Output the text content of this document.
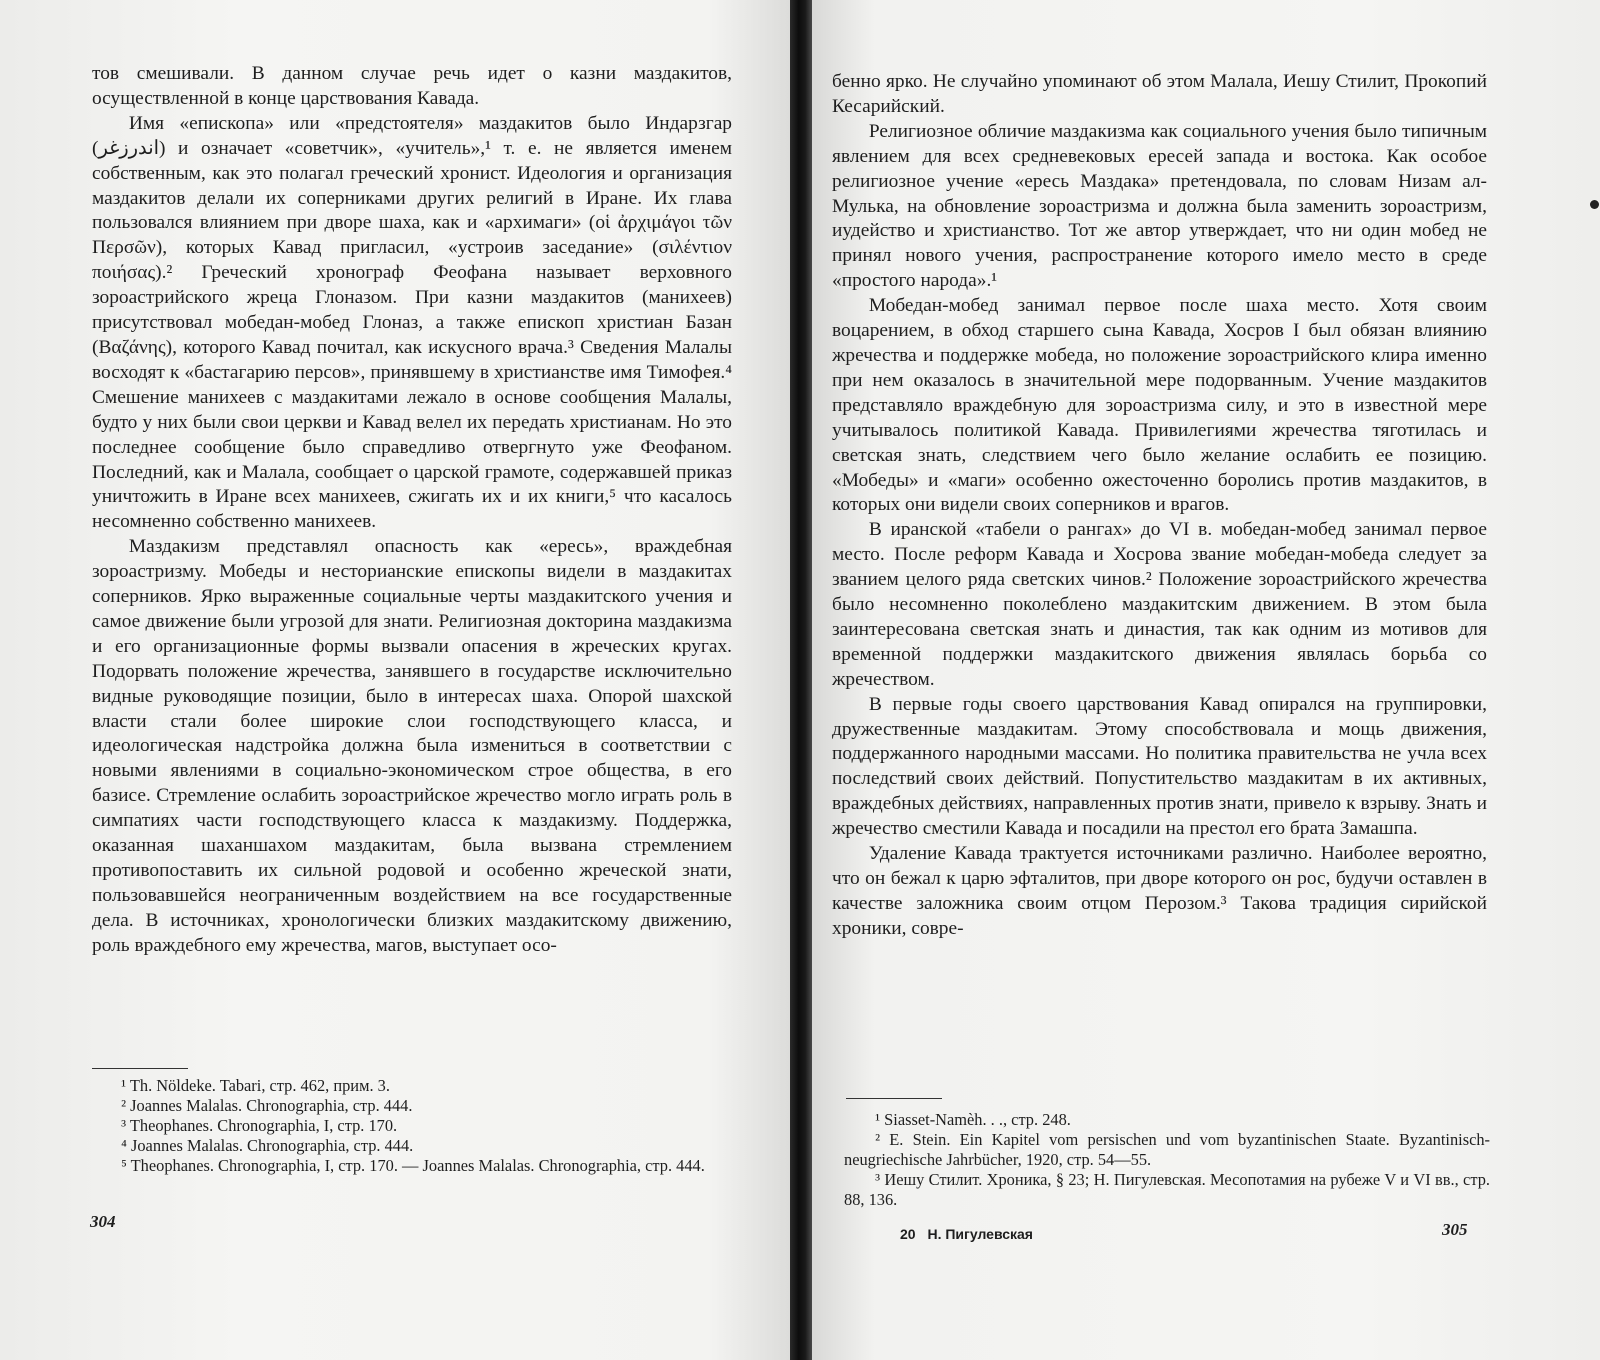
тов смешивали. В данном случае речь идет о казни маздакитов, осуществленной в конце царствования Кавада.

Имя «епископа» или «предстоятеля» маздакитов было Индарзгар (اندرزغر) и означает «советчик», «учитель»,¹ т. е. не является именем собственным, как это полагал греческий хронист. Идеология и организация маздакитов делали их соперниками других религий в Иране. Их глава пользовался влиянием при дворе шаха, как и «архимаги» (οἱ ἀρχιμάγοι τῶν Περσῶν), которых Кавад пригласил, «устроив заседание» (σιλέντιον ποιήσας).² Греческий хронограф Феофана называет верховного зороастрийского жреца Глоназом. При казни маздакитов (манихеев) присутствовал мобедан-мобед Глоназ, а также епископ христиан Базан (Βαζάνης), которого Кавад почитал, как искусного врача.³ Сведения Малалы восходят к «бастагарию персов», принявшему в христианстве имя Тимофея.⁴ Смешение манихеев с маздакитами лежало в основе сообщения Малалы, будто у них были свои церкви и Кавад велел их передать христианам. Но это последнее сообщение было справедливо отвергнуто уже Феофаном. Последний, как и Малала, сообщает о царской грамоте, содержавшей приказ уничтожить в Иране всех манихеев, сжигать их и их книги,⁵ что касалось несомненно собственно манихеев.

Маздакизм представлял опасность как «ересь», враждебная зороастризму. Мобеды и несторианские епископы видели в маздакитах соперников. Ярко выраженные социальные черты маздакитского учения и самое движение были угрозой для знати. Религиозная докторина маздакизма и его организационные формы вызвали опасения в жреческих кругах. Подорвать положение жречества, занявшего в государстве исключительно видные руководящие позиции, было в интересах шаха. Опорой шахской власти стали более широкие слои господствующего класса, и идеологическая надстройка должна была измениться в соответствии с новыми явлениями в социально-экономическом строе общества, в его базисе. Стремление ослабить зороастрийское жречество могло играть роль в симпатиях части господствующего класса к маздакизму. Поддержка, оказанная шаханшахом маздакитам, была вызвана стремлением противопоставить их сильной родовой и особенно жреческой знати, пользовавшейся неограниченным воздействием на все государственные дела. В источниках, хронологически близких маздакитскому движению, роль враждебного ему жречества, магов, выступает осо-

¹ Th. Nöldeke. Tabari, стр. 462, прим. 3.

² Joannes Malalas. Chronographia, стр. 444.

³ Theophanes. Chronographia, I, стр. 170.

⁴ Joannes Malalas. Chronographia, стр. 444.

⁵ Theophanes. Chronographia, I, стр. 170. — Joannes Malalas. Chronographia, стр. 444.

304

бенно ярко. Не случайно упоминают об этом Малала, Иешу Стилит, Прокопий Кесарийский.

Религиозное обличие маздакизма как социального учения было типичным явлением для всех средневековых ересей запада и востока. Как особое религиозное учение «ересь Маздака» претендовала, по словам Низам ал-Мулька, на обновление зороастризма и должна была заменить зороастризм, иудейство и христианство. Тот же автор утверждает, что ни один мобед не принял нового учения, распространение которого имело место в среде «простого народа».¹

Мобедан-мобед занимал первое после шаха место. Хотя своим воцарением, в обход старшего сына Кавада, Хосров I был обязан влиянию жречества и поддержке мобеда, но положение зороастрийского клира именно при нем оказалось в значительной мере подорванным. Учение маздакитов представляло враждебную для зороастризма силу, и это в известной мере учитывалось политикой Кавада. Привилегиями жречества тяготилась и светская знать, следствием чего было желание ослабить ее позицию. «Мобеды» и «маги» особенно ожесточенно боролись против маздакитов, в которых они видели своих соперников и врагов.

В иранской «табели о рангах» до VI в. мобедан-мобед занимал первое место. После реформ Кавада и Хосрова звание мобедан-мобеда следует за званием целого ряда светских чинов.² Положение зороастрийского жречества было несомненно поколеблено маздакитским движением. В этом была заинтересована светская знать и династия, так как одним из мотивов для временной поддержки маздакитского движения являлась борьба со жречеством.

В первые годы своего царствования Кавад опирался на группировки, дружественные маздакитам. Этому способствовала и мощь движения, поддержанного народными массами. Но политика правительства не учла всех последствий своих действий. Попустительство маздакитам в их активных, враждебных действиях, направленных против знати, привело к взрыву. Знать и жречество сместили Кавада и посадили на престол его брата Замашпа.

Удаление Кавада трактуется источниками различно. Наиболее вероятно, что он бежал к царю эфталитов, при дворе которого он рос, будучи оставлен в качестве заложника своим отцом Перозом.³ Такова традиция сирийской хроники, совре-

¹ Siasset-Namèh. . ., стр. 248.

² E. Stein. Ein Kapitel vom persischen und vom byzantinischen Staate. Byzantinisch-neugriechische Jahrbücher, 1920, стр. 54—55.

³ Иешу Стилит. Хроника, § 23; Н. Пигулевская. Месопотамия на рубеже V и VI вв., стр. 88, 136.

20 Н. Пигулевская	305
